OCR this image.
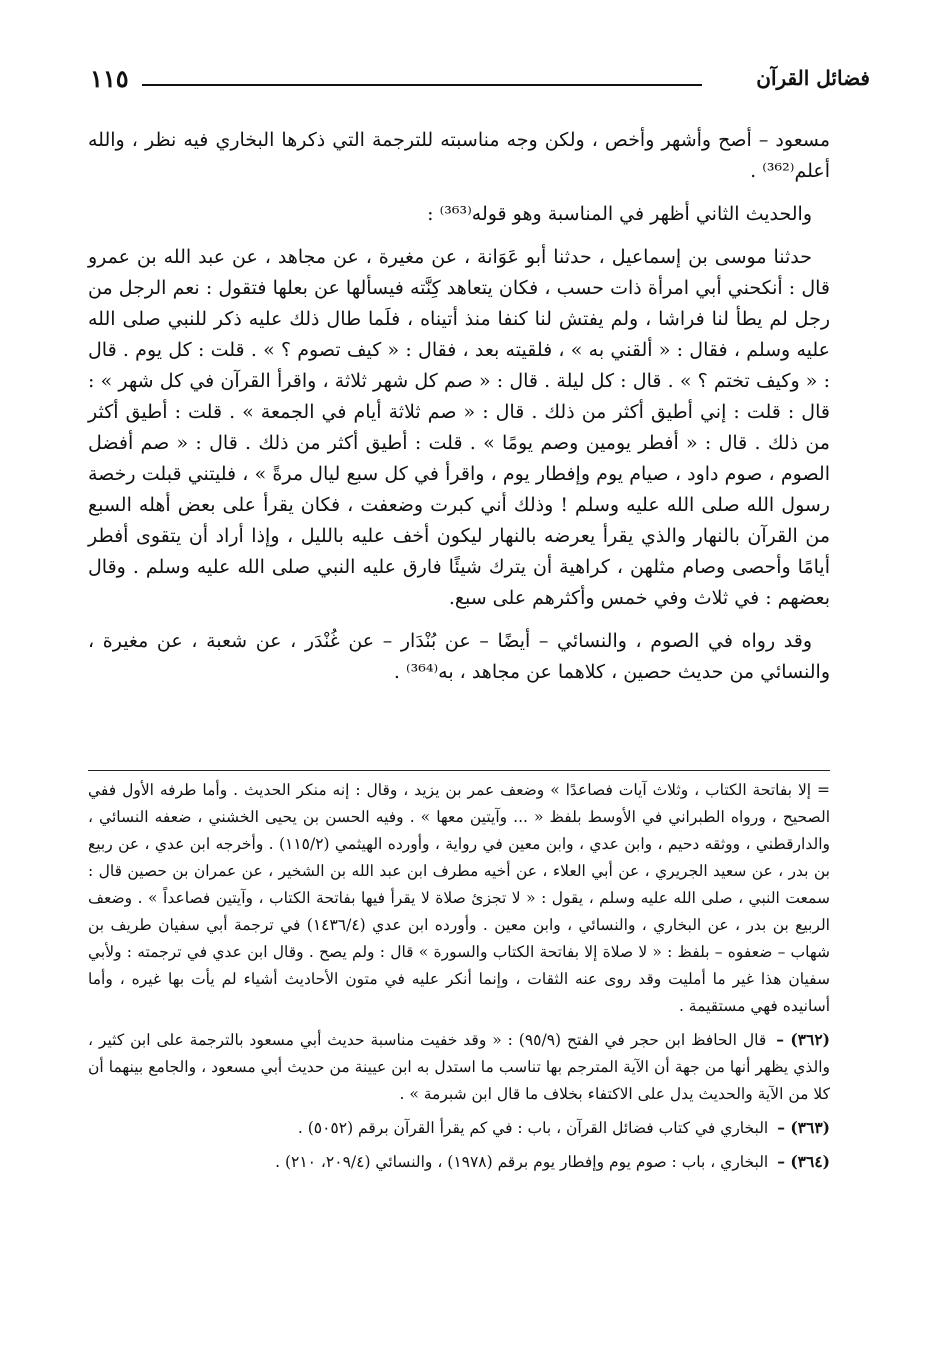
١١٥	فضائل القرآن

مسعود – أصح وأشهر وأخص ، ولكن وجه مناسبته للترجمة التي ذكرها البخاري فيه نظر ، والله أعلم⁽³⁶²⁾ .

والحديث الثاني أظهر في المناسبة وهو قوله⁽³⁶³⁾ :

حدثنا موسى بن إسماعيل ، حدثنا أبو عَوَانة ، عن مغيرة ، عن مجاهد ، عن عبد الله بن عمرو قال : أنكحني أبي امرأة ذات حسب ، فكان يتعاهد كِنَّته فيسألها عن بعلها فتقول : نعم الرجل من رجل لم يطأ لنا فراشا ، ولم يفتش لنا كنفا منذ أتيناه ، فلَما طال ذلك عليه ذكر للنبي صلى الله عليه وسلم ، فقال : « ألقني به » ، فلقيته بعد ، فقال : « كيف تصوم ؟ » . قلت : كل يوم . قال : « وكيف تختم ؟ » . قال : كل ليلة . قال : « صم كل شهر ثلاثة ، واقرأ القرآن في كل شهر » : قال : قلت : إني أطيق أكثر من ذلك . قال : « صم ثلاثة أيام في الجمعة » . قلت : أطيق أكثر من ذلك . قال : « أفطر يومين وصم يومًا » . قلت : أطيق أكثر من ذلك . قال : « صم أفضل الصوم ، صوم داود ، صيام يوم وإفطار يوم ، واقرأ في كل سبع ليال مرةً » ، فليتني قبلت رخصة رسول الله صلى الله عليه وسلم ! وذلك أني كبرت وضعفت ، فكان يقرأ على بعض أهله السبع من القرآن بالنهار والذي يقرأ يعرضه بالنهار ليكون أخف عليه بالليل ، وإذا أراد أن يتقوى أفطر أيامًا وأحصى وصام مثلهن ، كراهية أن يترك شيئًا فارق عليه النبي صلى الله عليه وسلم . وقال بعضهم : في ثلاث وفي خمس وأكثرهم على سبع.

وقد رواه في الصوم ، والنسائي – أيضًا – عن بُنْدَار – عن غُنْدَر ، عن شعبة ، عن مغيرة ، والنسائي من حديث حصين ، كلاهما عن مجاهد ، به⁽³⁶⁴⁾ .

= إلا بفاتحة الكتاب ، وثلاث آيات فصاعدًا » وضعف عمر بن يزيد ، وقال : إنه منكر الحديث . وأما طرفه الأول ففي الصحيح ، ورواه الطبراني في الأوسط بلفظ « ... وآيتين معها » . وفيه الحسن بن يحيى الخشني ، ضعفه النسائي ، والدارقطني ، ووثقه دحيم ، وابن عدي ، وابن معين في رواية ، وأورده الهيثمي (١١٥/٢) . وأخرجه ابن عدي ، عن ربيع بن بدر ، عن سعيد الجريري ، عن أبي العلاء ، عن أخيه مطرف ابن عبد الله بن الشخير ، عن عمران بن حصين قال : سمعت النبي ، صلى الله عليه وسلم ، يقول : « لا تجزئ صلاة لا يقرأ فيها بفاتحة الكتاب ، وآيتين فصاعداً » . وضعف الربيع بن بدر ، عن البخاري ، والنسائي ، وابن معين . وأورده ابن عدي (١٤٣٦/٤) في ترجمة أبي سفيان طريف بن شهاب – ضعفوه – بلفظ : « لا صلاة إلا بفاتحة الكتاب والسورة » قال : ولم يصح . وقال ابن عدي في ترجمته : ولأبي سفيان هذا غير ما أمليت وقد روى عنه الثقات ، وإنما أنكر عليه في متون الأحاديث أشياء لم يأت بها غيره ، وأما أسانيده فهي مستقيمة .

(٣٦٢) – قال الحافظ ابن حجر في الفتح (٩٥/٩) : « وقد خفيت مناسبة حديث أبي مسعود بالترجمة على ابن كثير ، والذي يظهر أنها من جهة أن الآية المترجم بها تناسب ما استدل به ابن عيينة من حديث أبي مسعود ، والجامع بينهما أن كلا من الآية والحديث يدل على الاكتفاء بخلاف ما قال ابن شبرمة » .

(٣٦٣) – البخاري في كتاب فضائل القرآن ، باب : في كم يقرأ القرآن برقم (٥٠٥٢) .

(٣٦٤) – البخاري ، باب : صوم يوم وإفطار يوم برقم (١٩٧٨) ، والنسائي (٢٠٩/٤، ٢١٠) .
